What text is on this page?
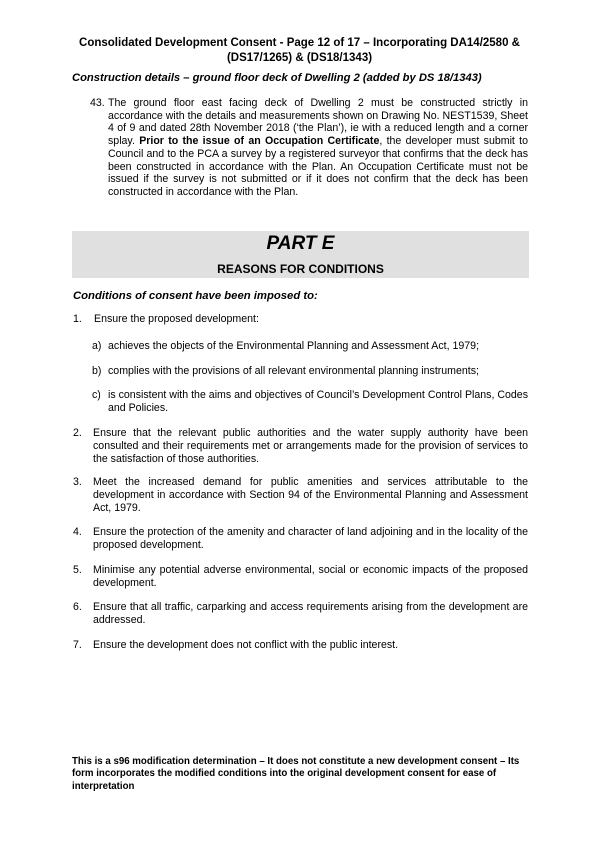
Consolidated Development Consent - Page 12 of 17 – Incorporating DA14/2580 &
(DS17/1265) & (DS18/1343)
Construction details – ground floor deck of Dwelling 2 (added by DS 18/1343)
43. The ground floor east facing deck of Dwelling 2 must be constructed strictly in accordance with the details and measurements shown on Drawing No. NEST1539, Sheet 4 of 9 and dated 28th November 2018 (‘the Plan’), ie with a reduced length and a corner splay. Prior to the issue of an Occupation Certificate, the developer must submit to Council and to the PCA a survey by a registered surveyor that confirms that the deck has been constructed in accordance with the Plan. An Occupation Certificate must not be issued if the survey is not submitted or if it does not confirm that the deck has been constructed in accordance with the Plan.
PART E
REASONS FOR CONDITIONS
Conditions of consent have been imposed to:
1. Ensure the proposed development:
a) achieves the objects of the Environmental Planning and Assessment Act, 1979;
b) complies with the provisions of all relevant environmental planning instruments;
c) is consistent with the aims and objectives of Council’s Development Control Plans, Codes and Policies.
2. Ensure that the relevant public authorities and the water supply authority have been consulted and their requirements met or arrangements made for the provision of services to the satisfaction of those authorities.
3. Meet the increased demand for public amenities and services attributable to the development in accordance with Section 94 of the Environmental Planning and Assessment Act, 1979.
4. Ensure the protection of the amenity and character of land adjoining and in the locality of the proposed development.
5. Minimise any potential adverse environmental, social or economic impacts of the proposed development.
6. Ensure that all traffic, carparking and access requirements arising from the development are addressed.
7. Ensure the development does not conflict with the public interest.
This is a s96 modification determination – It does not constitute a new development consent – Its form incorporates the modified conditions into the original development consent for ease of interpretation
